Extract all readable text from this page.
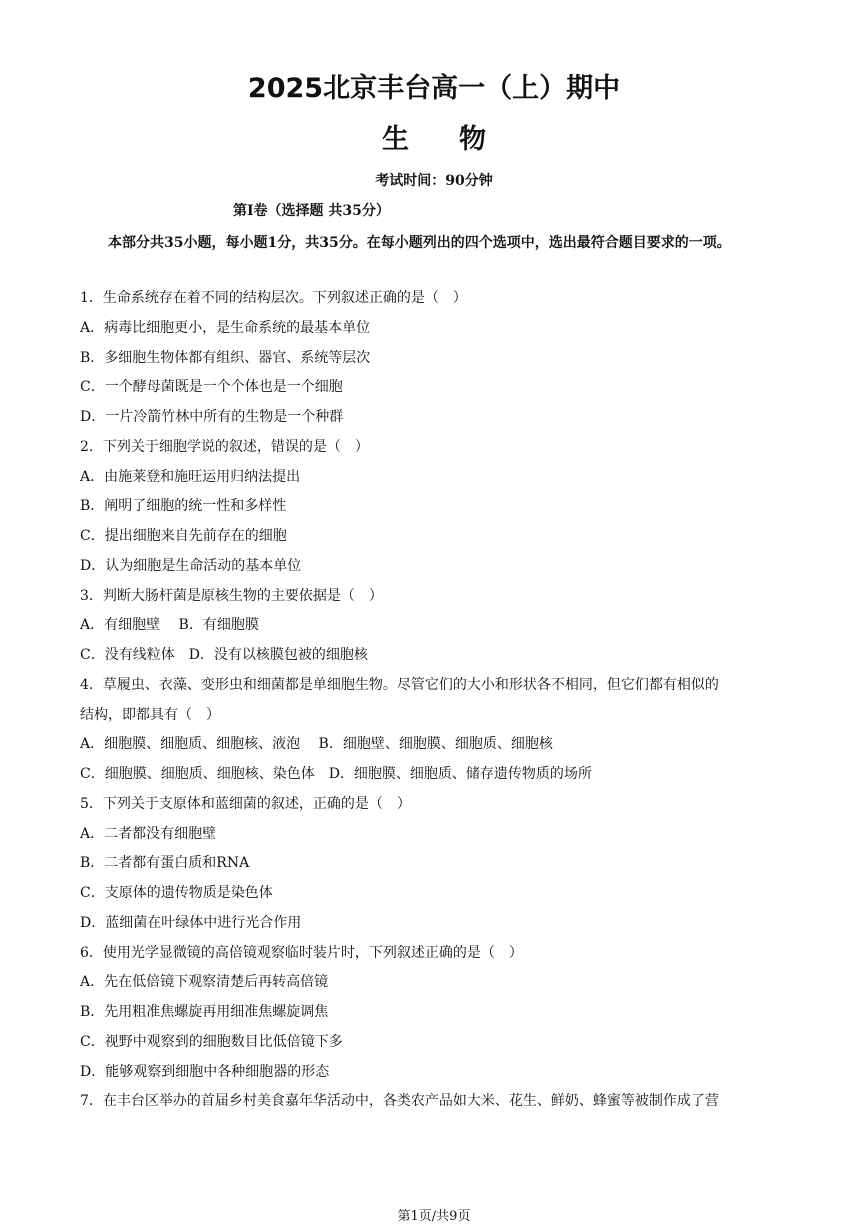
2025北京丰台高一（上）期中
生物
考试时间：90分钟
第Ⅰ卷（选择题 共35分）
本部分共35小题，每小题1分，共35分。在每小题列出的四个选项中，选出最符合题目要求的一项。
1．生命系统存在着不同的结构层次。下列叙述正确的是（　）
A．病毒比细胞更小，是生命系统的最基本单位
B．多细胞生物体都有组织、器官、系统等层次
C．一个酵母菌既是一个个体也是一个细胞
D．一片冷箭竹林中所有的生物是一个种群
2．下列关于细胞学说的叙述，错误的是（　）
A．由施莱登和施旺运用归纳法提出
B．阐明了细胞的统一性和多样性
C．提出细胞来自先前存在的细胞
D．认为细胞是生命活动的基本单位
3．判断大肠杆菌是原核生物的主要依据是（　）
A．有细胞壁　 B．有细胞膜
C．没有线粒体　D．没有以核膜包被的细胞核
4．草履虫、衣藻、变形虫和细菌都是单细胞生物。尽管它们的大小和形状各不相同，但它们都有相似的
结构，即都具有（　）
A．细胞膜、细胞质、细胞核、液泡　 B．细胞壁、细胞膜、细胞质、细胞核
C．细胞膜、细胞质、细胞核、染色体　D．细胞膜、细胞质、储存遗传物质的场所
5．下列关于支原体和蓝细菌的叙述，正确的是（　）
A．二者都没有细胞壁
B．二者都有蛋白质和RNA
C．支原体的遗传物质是染色体
D．蓝细菌在叶绿体中进行光合作用
6．使用光学显微镜的高倍镜观察临时装片时，下列叙述正确的是（　）
A．先在低倍镜下观察清楚后再转高倍镜
B．先用粗准焦螺旋再用细准焦螺旋调焦
C．视野中观察到的细胞数目比低倍镜下多
D．能够观察到细胞中各种细胞器的形态
7．在丰台区举办的首届乡村美食嘉年华活动中，各类农产品如大米、花生、鲜奶、蜂蜜等被制作成了营
第1页/共9页
